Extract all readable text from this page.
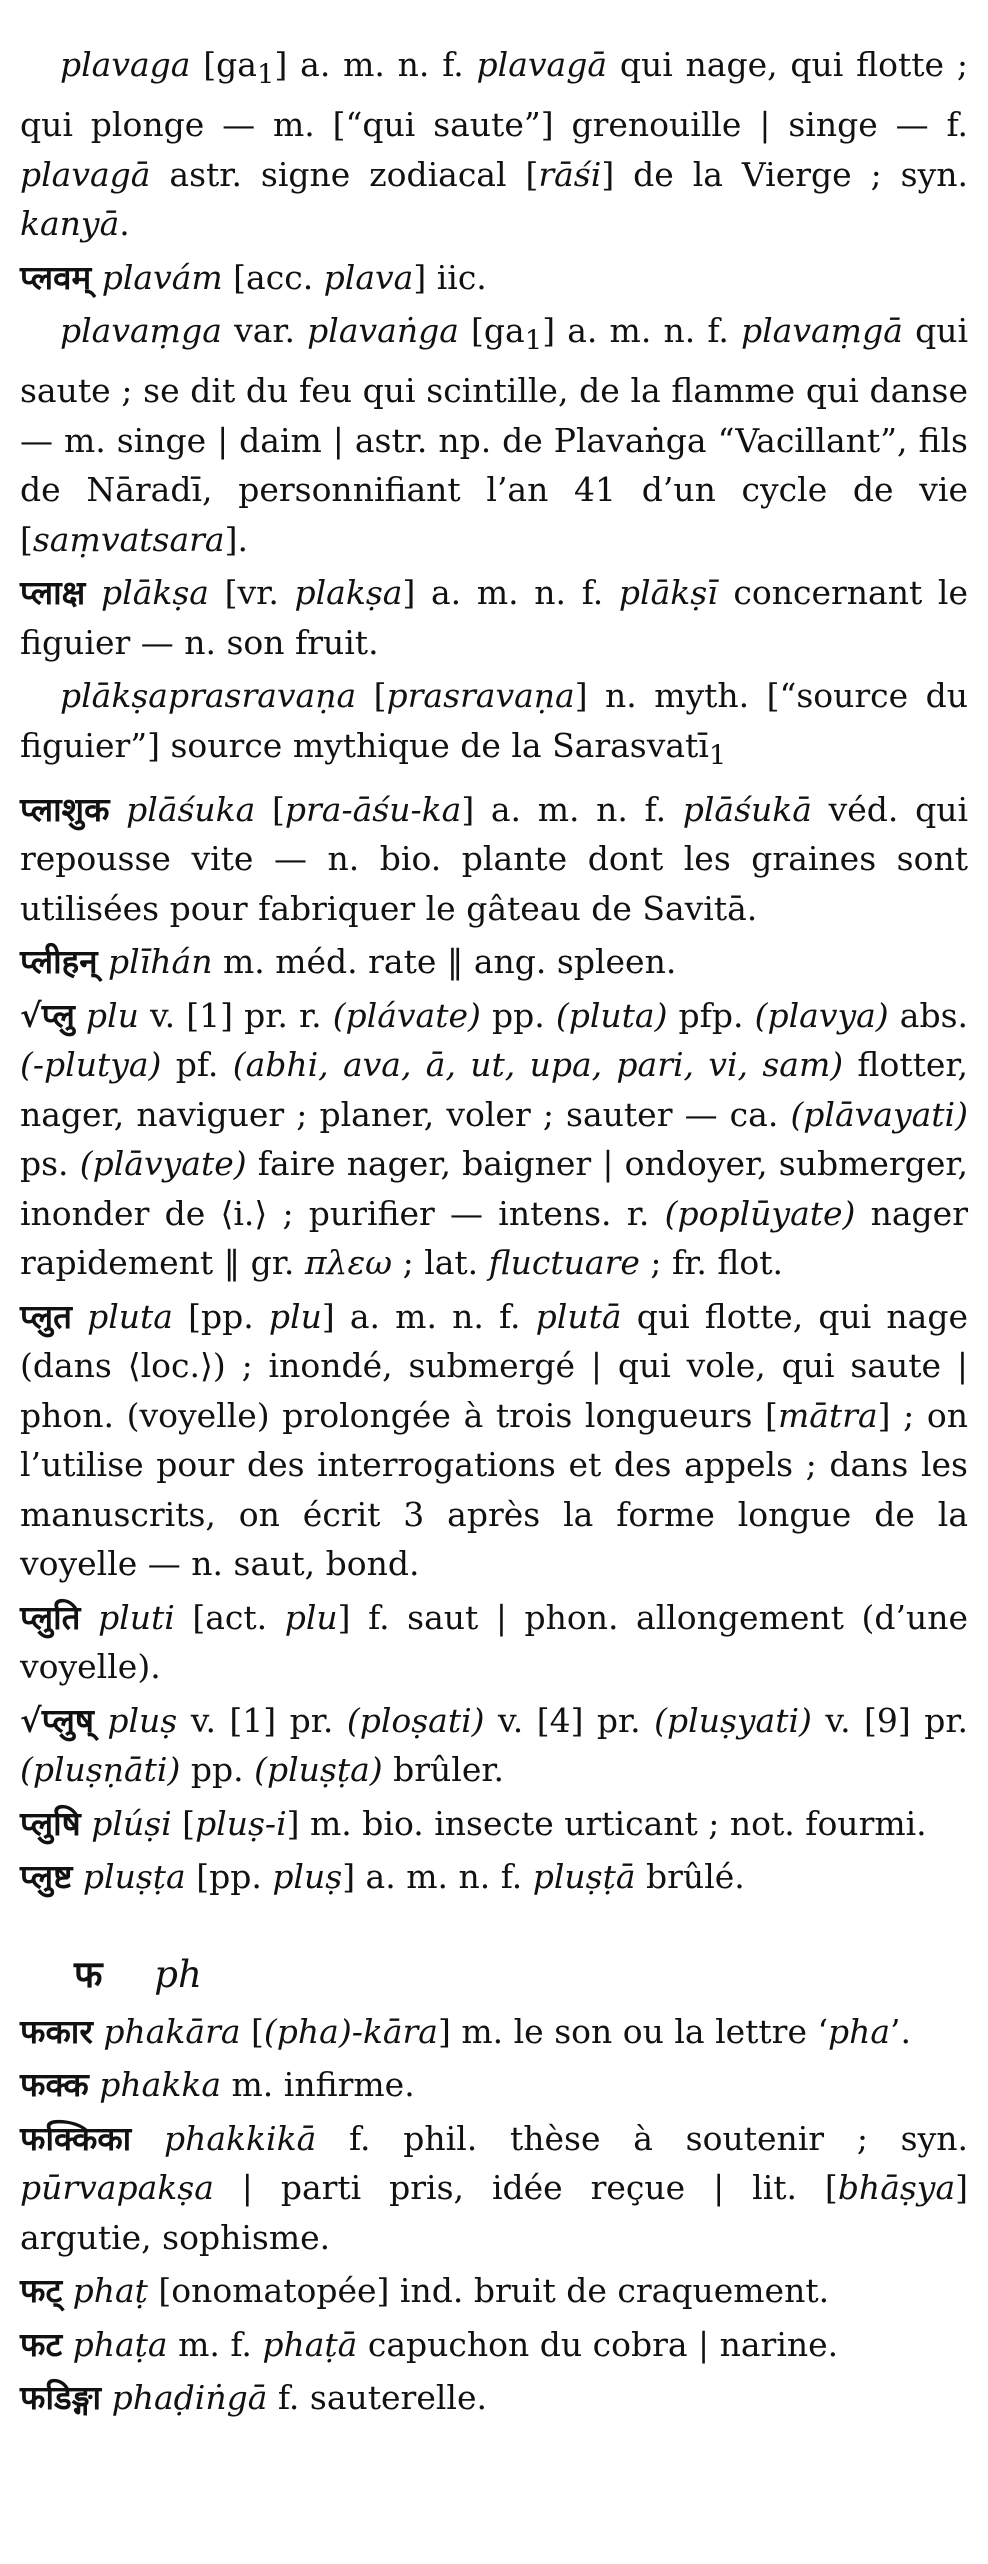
plavaga $[ga_1]$ a. m. n. f. plavagā qui nage, qui flotte ; qui plonge — m. [“qui saute”] grenouille | singe — f. plavagā astr. signe zodiacal [rāśi] de la Vierge ; syn. kanyā.

प्लवम् plavám [acc. plava] iic.

plavaṃga var. plavaṅga $[ga_1]$ a. m. n. f. plavaṃgā qui saute ; se dit du feu qui scintille, de la flamme qui danse — m. singe | daim | astr. np. de Plavaṅga “Vacillant”, fils de Nāradī, personnifiant l’an 41 d’un cycle de vie [saṃvatsara].

प्लाक्ष plākṣa [vr. plakṣa] a. m. n. f. plākṣī concernant le figuier — n. son fruit.

plākṣaprasravaṇa [prasravaṇa] n. myth. [“source du figuier”] source mythique de la Sarasvatī$_1$

प्लाशुक plāśuka [pra-āśu-ka] a. m. n. f. plāśukā véd. qui repousse vite — n. bio. plante dont les graines sont utilisées pour fabriquer le gâteau de Savitā.

प्लीहन् plīhán m. méd. rate ‖ ang. spleen.

√प्लु plu v. [1] pr. r. (plávate) pp. (pluta) pfp. (plavya) abs. (-plutya) pf. (abhi, ava, ā, ut, upa, pari, vi, sam) flotter, nager, naviguer ; planer, voler ; sauter — ca. (plāvayati) ps. (plāvyate) faire nager, baigner | ondoyer, submerger, inonder de ⟨i.⟩ ; purifier — intens. r. (poplūyate) nager rapidement ‖ gr. πλεω ; lat. fluctuare ; fr. flot.

प्लुत pluta [pp. plu] a. m. n. f. plutā qui flotte, qui nage (dans ⟨loc.⟩) ; inondé, submergé | qui vole, qui saute | phon. (voyelle) prolongée à trois longueurs [mātra] ; on l’utilise pour des interrogations et des appels ; dans les manuscrits, on écrit 3 après la forme longue de la voyelle — n. saut, bond.

प्लुति pluti [act. plu] f. saut | phon. allongement (d’une voyelle).

√प्लुष् pluṣ v. [1] pr. (ploṣati) v. [4] pr. (pluṣyati) v. [9] pr. (pluṣṇāti) pp. (pluṣṭa) brûler.

प्लुषि plúṣi [pluṣ-i] m. bio. insecte urticant ; not. fourmi.

प्लुष्ट pluṣṭa [pp. pluṣ] a. m. n. f. pluṣṭā brûlé.

फ ph

फकार phakāra [(pha)-kāra] m. le son ou la lettre ‘pha’.

फक्क phakka m. infirme.

फक्किका phakkikā f. phil. thèse à soutenir ; syn. pūrvapakṣa | parti pris, idée reçue | lit. [bhāṣya] argutie, sophisme.

फट् phaṭ [onomatopée] ind. bruit de craquement.

फट phaṭa m. f. phaṭā capuchon du cobra | narine.

फडिङ्गा phaḍiṅgā f. sauterelle.
